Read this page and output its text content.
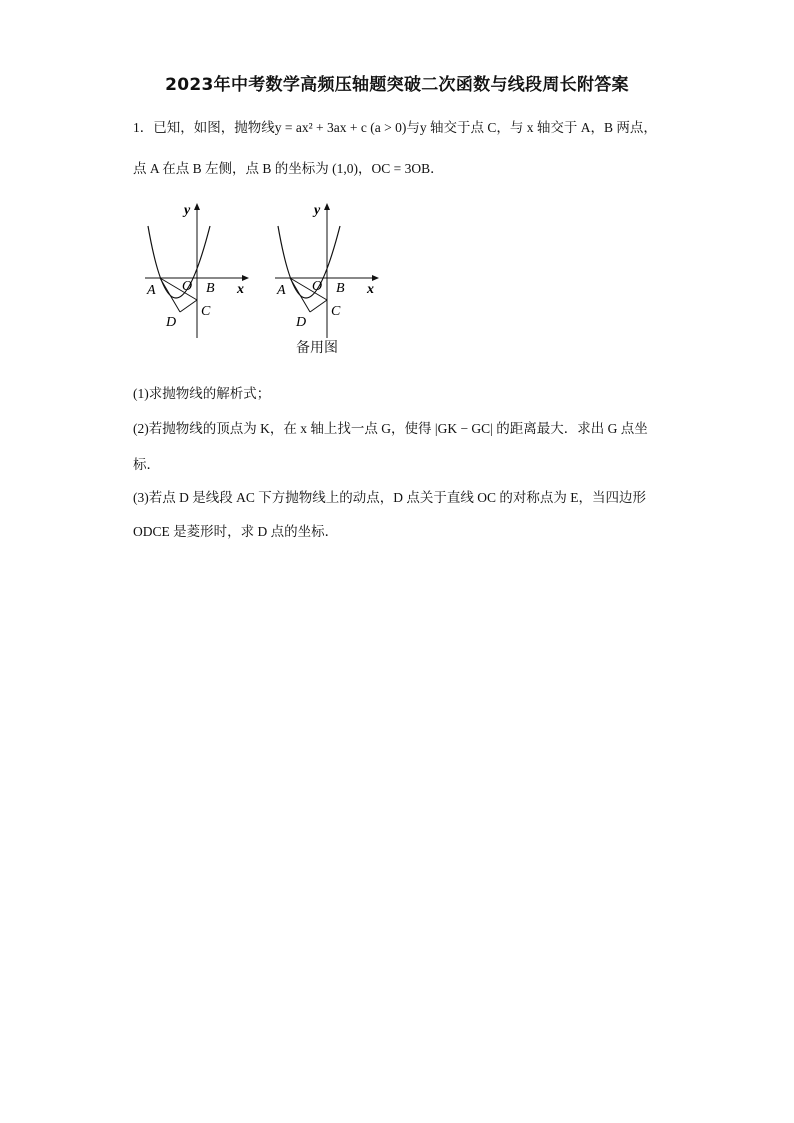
2023年中考数学高频压轴题突破二次函数与线段周长附答案
1．已知，如图，抛物线y = ax² + 3ax + c (a > 0)与y 轴交于点 C，与 x 轴交于 A，B 两点，
点 A 在点 B 左侧，点 B 的坐标为 (1,0)，OC = 3OB．
y
x
A O B
C
D
y
x
A O B
C
D
备用图
(1)求抛物线的解析式；
(2)若抛物线的顶点为 K，在 x 轴上找一点 G，使得 |GK − GC| 的距离最大．求出 G 点坐
标．
(3)若点 D 是线段 AC 下方抛物线上的动点，D 点关于直线 OC 的对称点为 E，当四边形
ODCE 是菱形时，求 D 点的坐标．
